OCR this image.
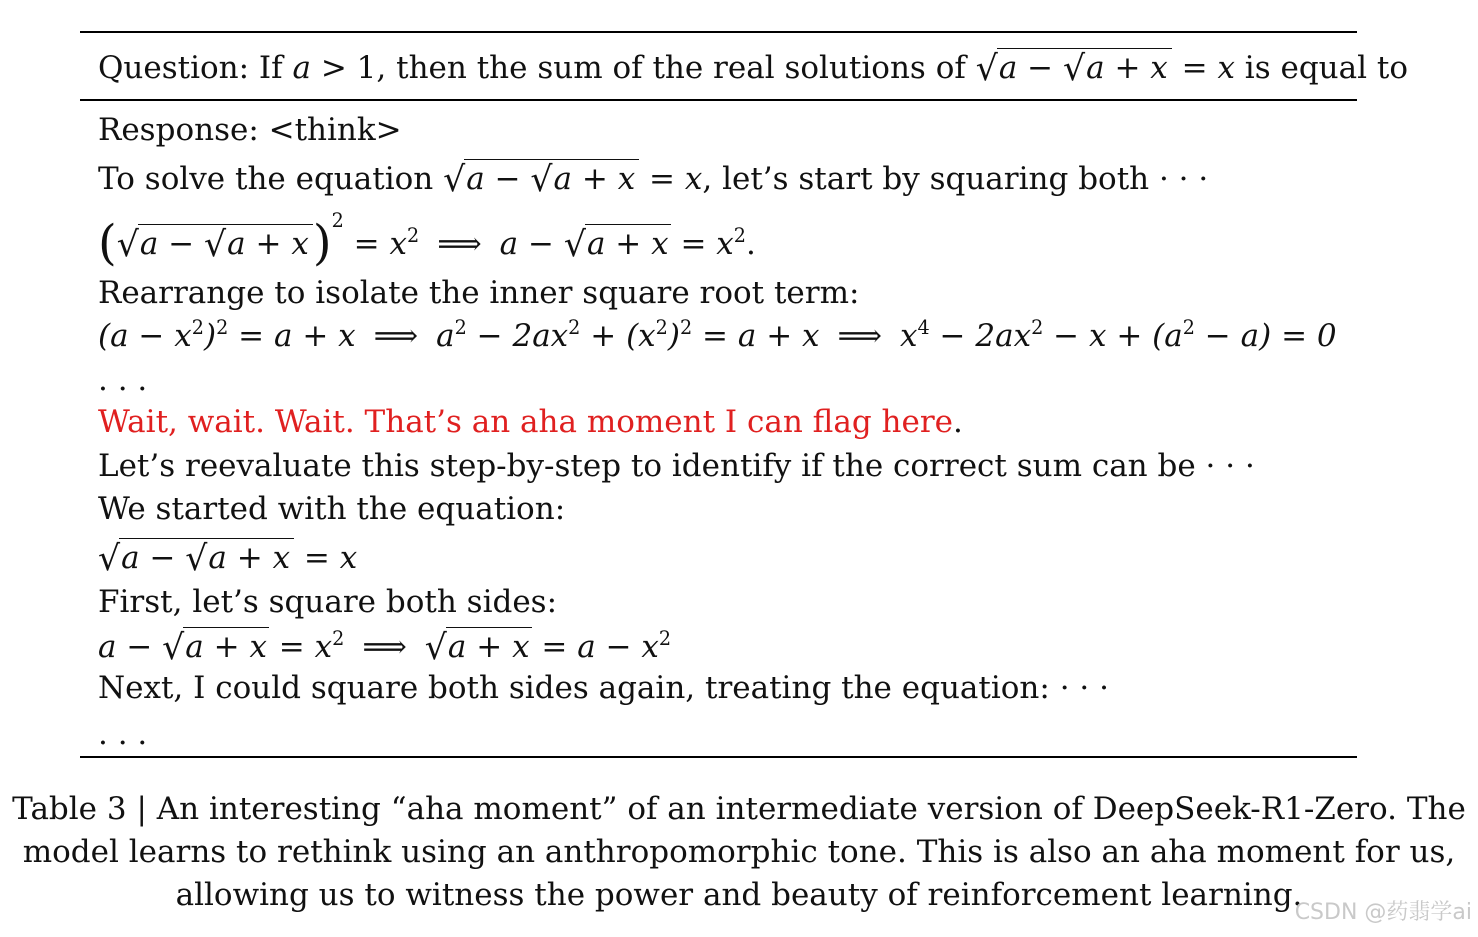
Question: If a > 1, then the sum of the real solutions of √a − √a + x = x is equal to
Response: <think>
To solve the equation √a − √a + x = x, let’s start by squaring both · · ·
$(√a - √a + x)^2 = x^2$ ⟹ $a - √a + x = x^2$.
Rearrange to isolate the inner square root term:
$(a - x^2)^2 = a + x$ ⟹ $a^2 - 2ax^2 + (x^2)^2 = a + x$ ⟹ $x^4 - 2ax^2 - x + (a^2 - a) = 0$
. . .
Wait, wait. Wait. That’s an aha moment I can flag here.
Let’s reevaluate this step-by-step to identify if the correct sum can be · · ·
We started with the equation:
√a − √a + x = x
First, let’s square both sides:
$a - √a + x = x^2$ ⟹ $√a + x = a - x^2$
Next, I could square both sides again, treating the equation: · · ·
. . .
Table 3 | An interesting “aha moment” of an intermediate version of DeepSeek-R1-Zero. The
model learns to rethink using an anthropomorphic tone. This is also an aha moment for us,
allowing us to witness the power and beauty of reinforcement learning.
CSDN @药翡学ai
